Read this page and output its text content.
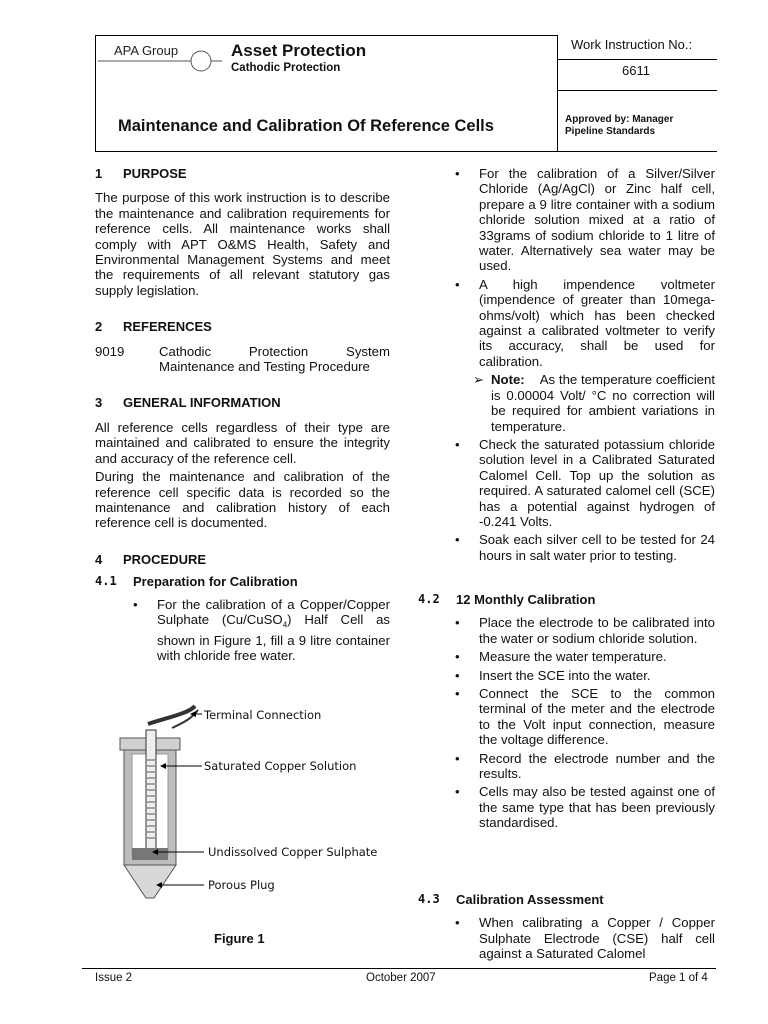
APA Group	Asset Protection
Cathodic Protection
Maintenance and Calibration Of Reference Cells
Work Instruction No.:
6611
Approved by: Manager
Pipeline Standards
1	PURPOSE

The purpose of this work instruction is to describe the maintenance and calibration requirements for reference cells. All maintenance works shall comply with APT O&MS Health, Safety and Environmental Management Systems and meet the requirements of all relevant statutory gas supply legislation.

2	REFERENCES
9019	Cathodic Protection System Maintenance and Testing Procedure
3	GENERAL INFORMATION

All reference cells regardless of their type are maintained and calibrated to ensure the integrity and accuracy of the reference cell.

During the maintenance and calibration of the reference cell specific data is recorded so the maintenance and calibration history of each reference cell is documented.

4	PROCEDURE
4.1	Preparation for Calibration
•	For the calibration of a Copper/Copper Sulphate (Cu/CuSO$_4$) Half Cell as shown in Figure 1, fill a 9 litre container with chloride free water.
Terminal Connection
Saturated Copper Solution
Undissolved Copper Sulphate
Porous Plug
Figure 1
•	For the calibration of a Silver/Silver Chloride (Ag/AgCl) or Zinc half cell, prepare a 9 litre container with a sodium chloride solution mixed at a ratio of 33grams of sodium chloride to 1 litre of water. Alternatively sea water may be used.
•	A high impendence voltmeter (impendence of greater than 10mega-ohms/volt) which has been checked against a calibrated voltmeter to verify its accuracy, shall be used for calibration.
➢ Note: As the temperature coefficient is 0.00004 Volt/ °C no correction will be required for ambient variations in temperature.
•	Check the saturated potassium chloride solution level in a Calibrated Saturated Calomel Cell. Top up the solution as required. A saturated calomel cell (SCE) has a potential against hydrogen of -0.241 Volts.
•	Soak each silver cell to be tested for 24 hours in salt water prior to testing.
4.2	12 Monthly Calibration
•	Place the electrode to be calibrated into the water or sodium chloride solution.
•	Measure the water temperature.
•	Insert the SCE into the water.
•	Connect the SCE to the common terminal of the meter and the electrode to the Volt input connection, measure the voltage difference.
•	Record the electrode number and the results.
•	Cells may also be tested against one of the same type that has been previously standardised.
4.3	Calibration Assessment
•	When calibrating a Copper / Copper Sulphate Electrode (CSE) half cell against a Saturated Calomel
Issue 2	October 2007	Page 1 of 4
